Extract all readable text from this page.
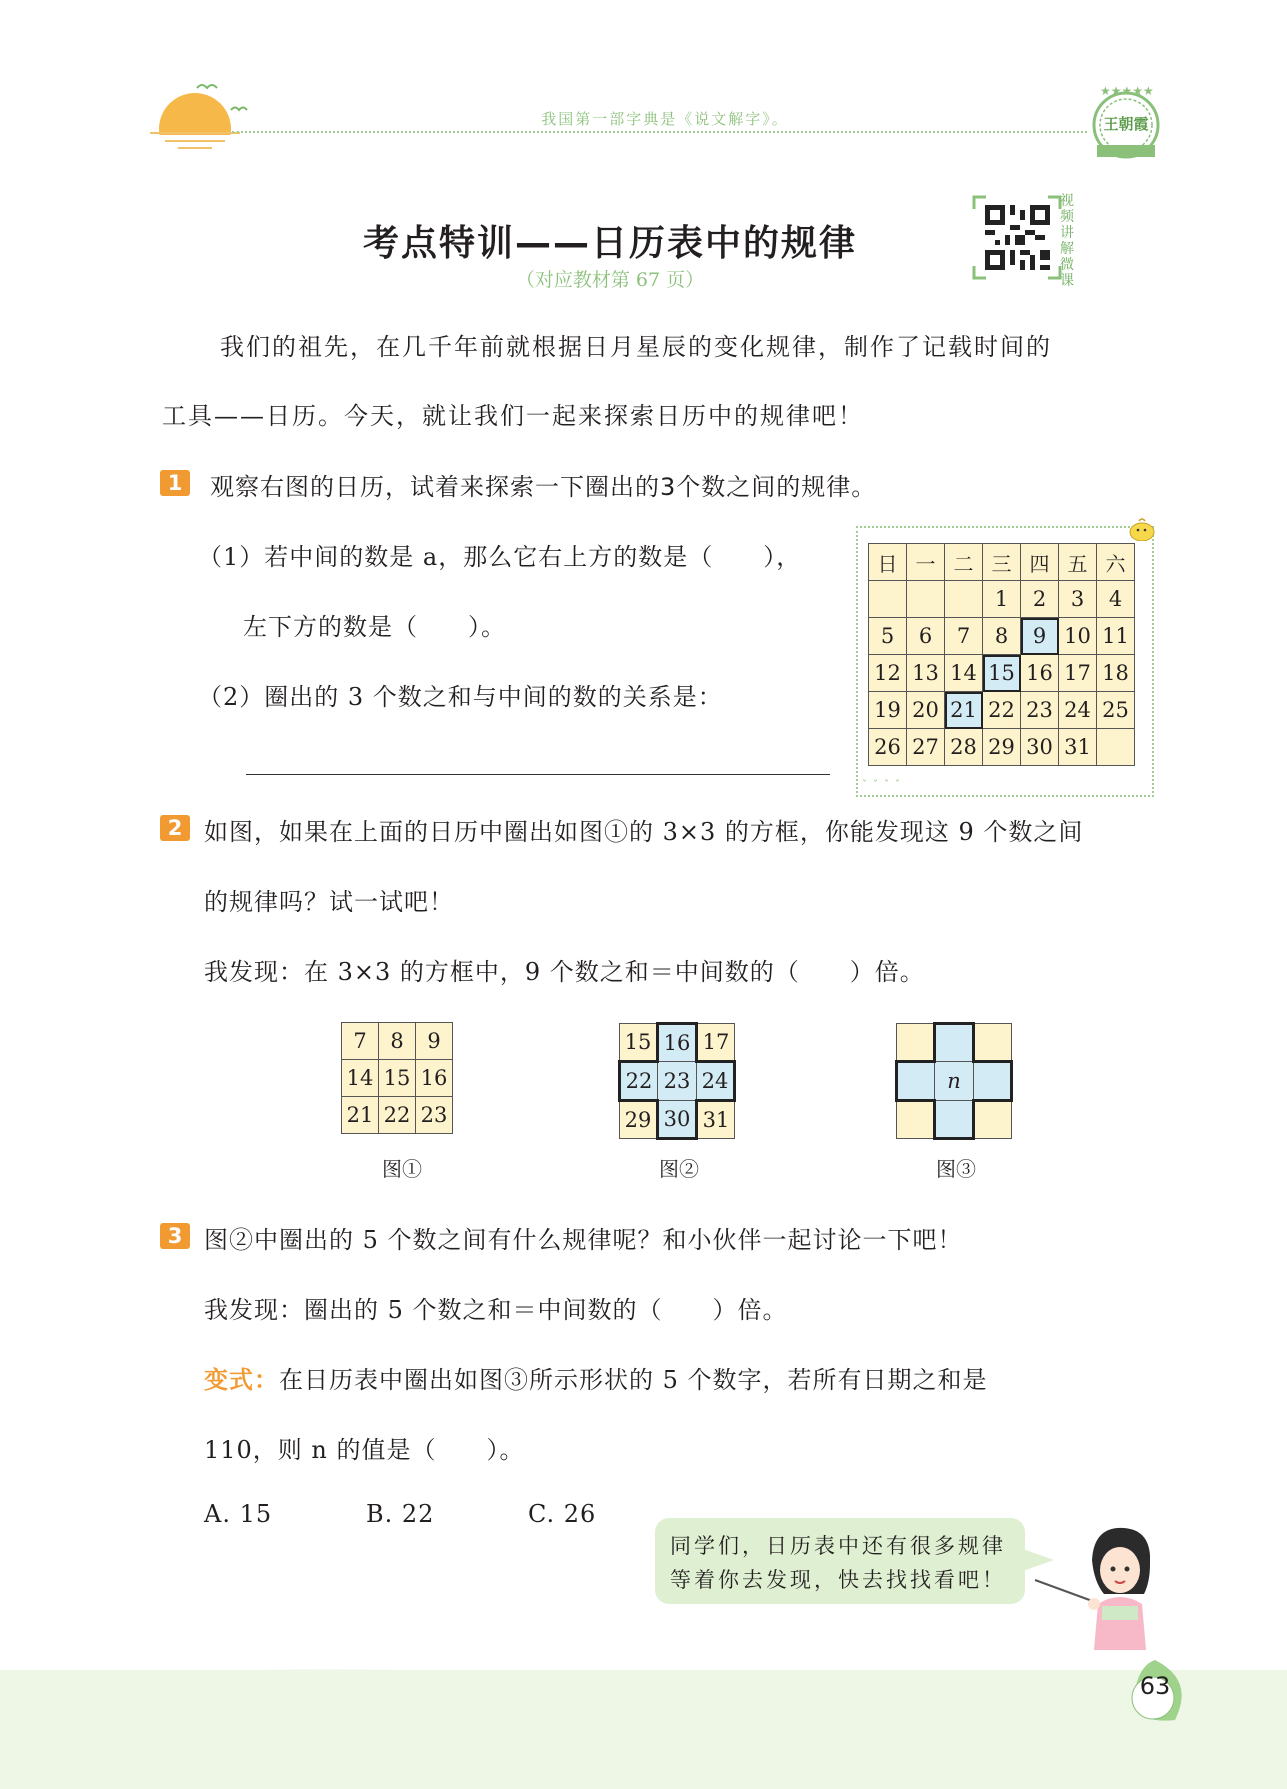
我国第一部字典是《说文解字》。
★★★★★
王朝霞
考点特训——日历表中的规律
（对应教材第 67 页）
视频讲解微课
我们的祖先，在几千年前就根据日月星辰的变化规律，制作了记载时间的
工具——日历。今天，就让我们一起来探索日历中的规律吧！
1	观察右图的日历，试着来探索一下圈出的3个数之间的规律。
（1）若中间的数是 a，那么它右上方的数是（　　），
左下方的数是（　　）。
（2）圈出的 3 个数之和与中间的数的关系是：
日	一	二	三	四	五	六
			1	2	3	4
5	6	7	8	9	10	11
12	13	14	15	16	17	18
19	20	21	22	23	24	25
26	27	28	29	30	31	
ˇˇˇˇ
2 如图，如果在上面的日历中圈出如图①的 3×3 的方框，你能发现这 9 个数之间
的规律吗？试一试吧！
我发现：在 3×3 的方框中，9 个数之和＝中间数的（　　）倍。
7	8	9
14	15	16
21	22	23
图①
15	16	17
22	23	24
29	30	31
图②

	n	

图③
3 图②中圈出的 5 个数之间有什么规律呢？和小伙伴一起讨论一下吧！
我发现：圈出的 5 个数之和＝中间数的（　　）倍。
变式：在日历表中圈出如图③所示形状的 5 个数字，若所有日期之和是
110，则 n 的值是（　　）。
A. 15	B. 22	C. 26
同学们，日历表中还有很多规律
等着你去发现，快去找找看吧！
63
